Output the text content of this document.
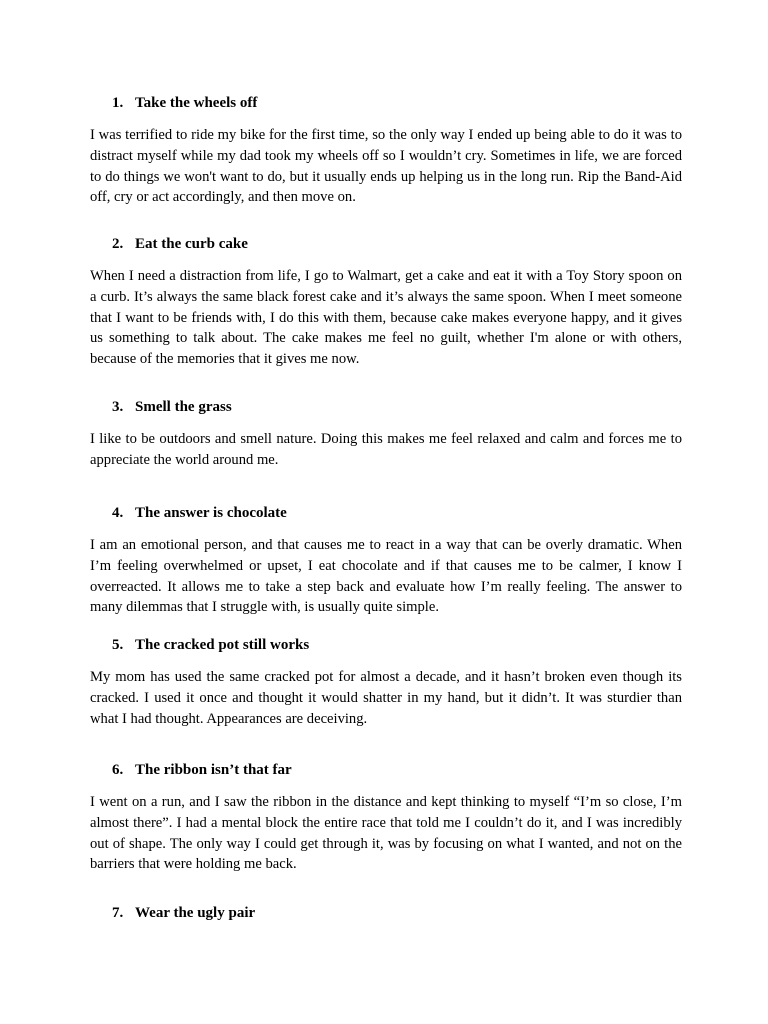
1. Take the wheels off
I was terrified to ride my bike for the first time, so the only way I ended up being able to do it was to distract myself while my dad took my wheels off so I wouldn’t cry. Sometimes in life, we are forced to do things we won't want to do, but it usually ends up helping us in the long run. Rip the Band-Aid off, cry or act accordingly, and then move on.
2. Eat the curb cake
When I need a distraction from life, I go to Walmart, get a cake and eat it with a Toy Story spoon on a curb. It’s always the same black forest cake and it’s always the same spoon. When I meet someone that I want to be friends with, I do this with them, because cake makes everyone happy, and it gives us something to talk about. The cake makes me feel no guilt, whether I'm alone or with others, because of the memories that it gives me now.
3. Smell the grass
I like to be outdoors and smell nature. Doing this makes me feel relaxed and calm and forces me to appreciate the world around me.
4. The answer is chocolate
I am an emotional person, and that causes me to react in a way that can be overly dramatic. When I’m feeling overwhelmed or upset, I eat chocolate and if that causes me to be calmer, I know I overreacted. It allows me to take a step back and evaluate how I’m really feeling. The answer to many dilemmas that I struggle with, is usually quite simple.
5. The cracked pot still works
My mom has used the same cracked pot for almost a decade, and it hasn’t broken even though its cracked. I used it once and thought it would shatter in my hand, but it didn’t. It was sturdier than what I had thought. Appearances are deceiving.
6. The ribbon isn’t that far
I went on a run, and I saw the ribbon in the distance and kept thinking to myself “I’m so close, I’m almost there”. I had a mental block the entire race that told me I couldn’t do it, and I was incredibly out of shape. The only way I could get through it, was by focusing on what I wanted, and not on the barriers that were holding me back.
7. Wear the ugly pair
